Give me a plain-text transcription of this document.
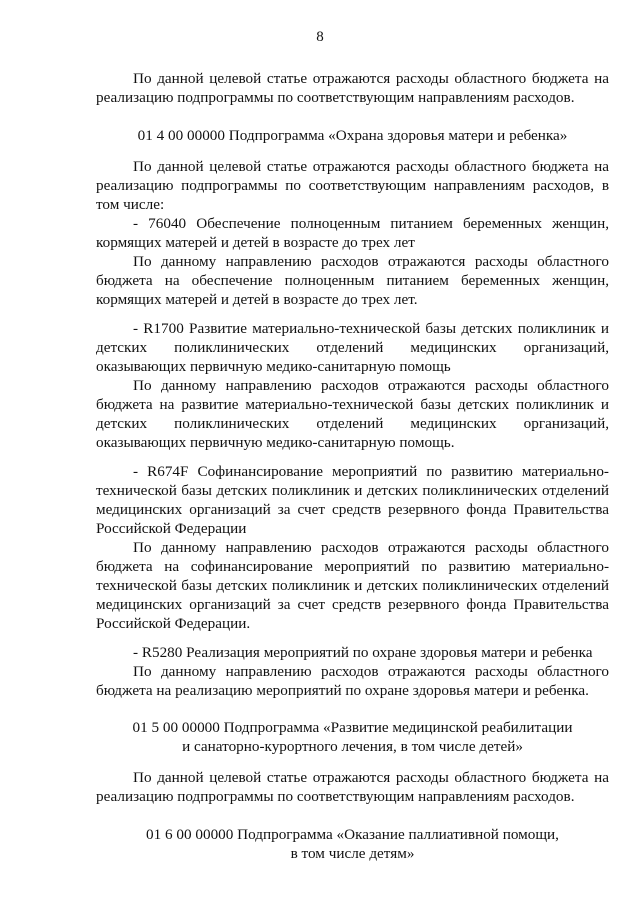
8

По данной целевой статье отражаются расходы областного бюджета на реализацию подпрограммы по соответствующим направлениям расходов.

01 4 00 00000 Подпрограмма «Охрана здоровья матери и ребенка»

По данной целевой статье отражаются расходы областного бюджета на реализацию подпрограммы по соответствующим направлениям расходов, в том числе:

- 76040 Обеспечение полноценным питанием беременных женщин, кормящих матерей и детей в возрасте до трех лет

По данному направлению расходов отражаются расходы областного бюджета на обеспечение полноценным питанием беременных женщин, кормящих матерей и детей в возрасте до трех лет.

- R1700 Развитие материально-технической базы детских поликлиник и детских поликлинических отделений медицинских организаций, оказывающих первичную медико-санитарную помощь

По данному направлению расходов отражаются расходы областного бюджета на развитие материально-технической базы детских поликлиник и детских поликлинических отделений медицинских организаций, оказывающих первичную медико-санитарную помощь.

- R674F Софинансирование мероприятий по развитию материально-технической базы детских поликлиник и детских поликлинических отделений медицинских организаций за счет средств резервного фонда Правительства Российской Федерации

По данному направлению расходов отражаются расходы областного бюджета на софинансирование мероприятий по развитию материально-технической базы детских поликлиник и детских поликлинических отделений медицинских организаций за счет средств резервного фонда Правительства Российской Федерации.

- R5280 Реализация мероприятий по охране здоровья матери и ребенка

По данному направлению расходов отражаются расходы областного бюджета на реализацию мероприятий по охране здоровья матери и ребенка.

01 5 00 00000 Подпрограмма «Развитие медицинской реабилитации

и санаторно-курортного лечения, в том числе детей»

По данной целевой статье отражаются расходы областного бюджета на реализацию подпрограммы по соответствующим направлениям расходов.

01 6 00 00000 Подпрограмма «Оказание паллиативной помощи,

в том числе детям»
